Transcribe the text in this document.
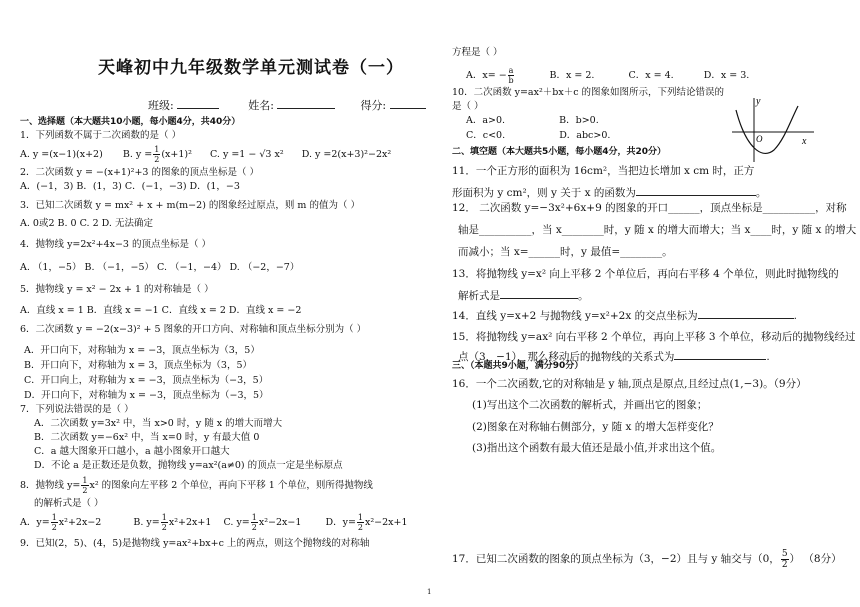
天峰初中九年级数学单元测试卷（一）
班级:	姓名:	得分:
一、选择题（本大题共10小题，每小题4分，共40分）
1．下列函数不属于二次函数的是（ ）
A. y =(x−1)(x+2) B. $y = \frac{1}{2} (x+1)^2$ C. y =1 − √3 x² D. y =2(x+3)²−2x²
2．二次函数 y = −(x+1)²+3 的图象的顶点坐标是（ ）
A．(−1，3) B．(1，3) C．(−1，−3) D．(1，−3
3．已知二次函数 y = mx² + x + m(m−2) 的图象经过原点，则 m 的值为（ ）
A. 0或2 B. 0 C. 2 D. 无法确定
4．抛物线 y=2x²+4x−3 的顶点坐标是（ ）
A. （1，−5） B. （−1，−5） C. （−1，−4） D. （−2，−7）
5．抛物线 y = x² − 2x + 1 的对称轴是（ ）
A．直线 x = 1 B．直线 x = −1 C．直线 x = 2 D．直线 x = −2
6．二次函数 y = −2(x−3)² + 5 图象的开口方向、对称轴和顶点坐标分别为（ ）
A．开口向下，对称轴为 x = −3，顶点坐标为（3，5）
B．开口向下，对称轴为 x = 3，顶点坐标为（3，5）
C．开口向上，对称轴为 x = −3，顶点坐标为（−3，5）
D．开口向下，对称轴为 x = −3，顶点坐标为（−3，5）
7．下列说法错误的是（ ）
A．二次函数 y=3x² 中，当 x>0 时，y 随 x 的增大而增大
B．二次函数 y=−6x² 中，当 x=0 时，y 有最大值 0
C．a 越大图象开口越小，a 越小图象开口越大
D．不论 a 是正数还是负数，抛物线 y=ax²(a≠0) 的顶点一定是坐标原点
8．抛物线 $y= \frac{1}{2} x^2$ 的图象向左平移 2 个单位，再向下平移 1 个单位，则所得抛物线
的解析式是（ ）
A．$y= \frac{1}{2} x^2+2x-2$	B. $y= \frac{1}{2} x^2+2x+1$ C. $y= \frac{1}{2} x^2-2x-1$	D．$y= \frac{1}{2} x^2-2x+1$
9．已知(2，5)、(4，5)是抛物线 y=ax²+bx+c 上的两点，则这个抛物线的对称轴
方程是（ ）
A．$x= - \frac{a}{b}$	B．x = 2.	C．x = 4.	D．x = 3.
10．二次函数 y=ax²＋bx＋c 的图象如图所示，下列结论错误的
是（ ）
A．a>0.	B．b>0.
C．c<0.	D．abc>0.
y
O	x
二、填空题（本大题共5小题，每小题4分，共20分）
11．一个正方形的面积为 16cm²，当把边长增加 x cm 时，正方
形面积为 y cm²，则 y 关于 x 的函数为	。
12． 二次函数 y=−3x²+6x+9 的图象的开口______，顶点坐标是__________，对称
轴是__________，当 x________时，y 随 x 的增大而增大；当 x____时，y 随 x 的增大
而减小；当 x=______时，y 最值=________。
13．将抛物线 y=x² 向上平移 2 个单位后，再向右平移 4 个单位，则此时抛物线的
解析式是	。
14．直线 y=x+2 与抛物线 y=x²+2x 的交点坐标为	.
15．将抛物线 y=ax² 向右平移 2 个单位，再向上平移 3 个单位，移动后的抛物线经过
点（3，−1），那么移动后的抛物线的关系式为	.
三、（本题共9小题，满分90分）
16．一个二次函数,它的对称轴是 y 轴,顶点是原点,且经过点(1,−3)。（9分）
(1)写出这个二次函数的解析式，并画出它的图象；
(2)图象在对称轴右侧部分，y 随 x 的增大怎样变化？
(3)指出这个函数有最大值还是最小值,并求出这个值。
17．已知二次函数的图象的顶点坐标为（3，−2）且与 y 轴交与（0， $\frac{5}{2}$ ） （8分）
1
